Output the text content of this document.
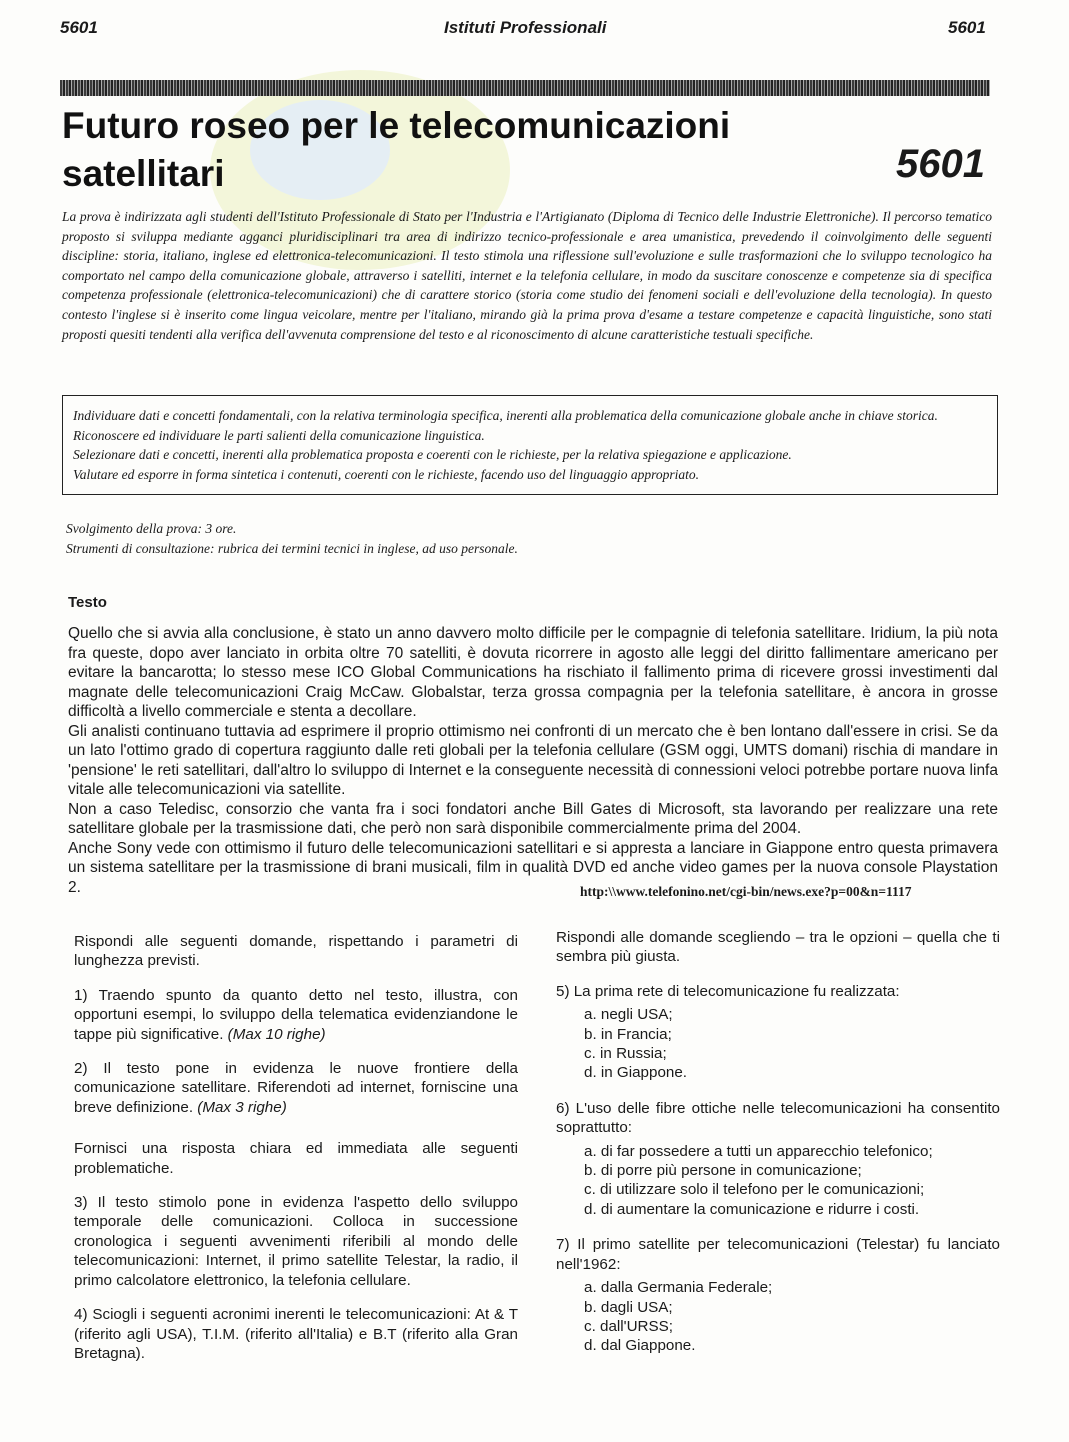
5601	Istituti Professionali	5601
Futuro roseo per le telecomunicazioni satellitari	5601
La prova è indirizzata agli studenti dell'Istituto Professionale di Stato per l'Industria e l'Artigianato (Diploma di Tecnico delle Industrie Elettroniche). Il percorso tematico proposto si sviluppa mediante agganci pluridisciplinari tra area di indirizzo tecnico-professionale e area umanistica, prevedendo il coinvolgimento delle seguenti discipline: storia, italiano, inglese ed elettronica-telecomunicazioni. Il testo stimola una riflessione sull'evoluzione e sulle trasformazioni che lo sviluppo tecnologico ha comportato nel campo della comunicazione globale, attraverso i satelliti, internet e la telefonia cellulare, in modo da suscitare conoscenze e competenze sia di specifica competenza professionale (elettronica-telecomunicazioni) che di carattere storico (storia come studio dei fenomeni sociali e dell'evoluzione della tecnologia). In questo contesto l'inglese si è inserito come lingua veicolare, mentre per l'italiano, mirando già la prima prova d'esame a testare competenze e capacità linguistiche, sono stati proposti quesiti tendenti alla verifica dell'avvenuta comprensione del testo e al riconoscimento di alcune caratteristiche testuali specifiche.
Individuare dati e concetti fondamentali, con la relativa terminologia specifica, inerenti alla problematica della comunicazione globale anche in chiave storica.
Riconoscere ed individuare le parti salienti della comunicazione linguistica.
Selezionare dati e concetti, inerenti alla problematica proposta e coerenti con le richieste, per la relativa spiegazione e applicazione.
Valutare ed esporre in forma sintetica i contenuti, coerenti con le richieste, facendo uso del linguaggio appropriato.
Svolgimento della prova: 3 ore.
Strumenti di consultazione: rubrica dei termini tecnici in inglese, ad uso personale.
Testo

Quello che si avvia alla conclusione, è stato un anno davvero molto difficile per le compagnie di telefonia satellitare. Iridium, la più nota fra queste, dopo aver lanciato in orbita oltre 70 satelliti, è dovuta ricorrere in agosto alle leggi del diritto fallimentare americano per evitare la bancarotta; lo stesso mese ICO Global Communications ha rischiato il fallimento prima di ricevere grossi investimenti dal magnate delle telecomunicazioni Craig McCaw. Globalstar, terza grossa compagnia per la telefonia satellitare, è ancora in grosse difficoltà a livello commerciale e stenta a decollare.

Gli analisti continuano tuttavia ad esprimere il proprio ottimismo nei confronti di un mercato che è ben lontano dall'essere in crisi. Se da un lato l'ottimo grado di copertura raggiunto dalle reti globali per la telefonia cellulare (GSM oggi, UMTS domani) rischia di mandare in 'pensione' le reti satellitari, dall'altro lo sviluppo di Internet e la conseguente necessità di connessioni veloci potrebbe portare nuova linfa vitale alle telecomunicazioni via satellite.

Non a caso Teledisc, consorzio che vanta fra i soci fondatori anche Bill Gates di Microsoft, sta lavorando per realizzare una rete satellitare globale per la trasmissione dati, che però non sarà disponibile commercialmente prima del 2004.

Anche Sony vede con ottimismo il futuro delle telecomunicazioni satellitari e si appresta a lanciare in Giappone entro questa primavera un sistema satellitare per la trasmissione di brani musicali, film in qualità DVD ed anche video games per la nuova console Playstation 2.	http:\\www.telefonino.net/cgi-bin/news.exe?p=00&n=1117

Rispondi alle seguenti domande, rispettando i parametri di lunghezza previsti.

1) Traendo spunto da quanto detto nel testo, illustra, con opportuni esempi, lo sviluppo della telematica evidenziandone le tappe più significative. (Max 10 righe)

2) Il testo pone in evidenza le nuove frontiere della comunicazione satellitare. Riferendoti ad internet, forniscine una breve definizione. (Max 3 righe)

Fornisci una risposta chiara ed immediata alle seguenti problematiche.

3) Il testo stimolo pone in evidenza l'aspetto dello sviluppo temporale delle comunicazioni. Colloca in successione cronologica i seguenti avvenimenti riferibili al mondo delle telecomunicazioni: Internet, il primo satellite Telestar, la radio, il primo calcolatore elettronico, la telefonia cellulare.

4) Sciogli i seguenti acronimi inerenti le telecomunicazioni: At & T (riferito agli USA), T.I.M. (riferito all'Italia) e B.T (riferito alla Gran Bretagna).

Rispondi alle domande scegliendo – tra le opzioni – quella che ti sembra più giusta.

5) La prima rete di telecomunicazione fu realizzata:

a. negli USA;
b. in Francia;
c. in Russia;
d. in Giappone.

6) L'uso delle fibre ottiche nelle telecomunicazioni ha consentito soprattutto:

a. di far possedere a tutti un apparecchio telefonico;
b. di porre più persone in comunicazione;
c. di utilizzare solo il telefono per le comunicazioni;
d. di aumentare la comunicazione e ridurre i costi.

7) Il primo satellite per telecomunicazioni (Telestar) fu lanciato nell'1962:

a. dalla Germania Federale;
b. dagli USA;
c. dall'URSS;
d. dal Giappone.
